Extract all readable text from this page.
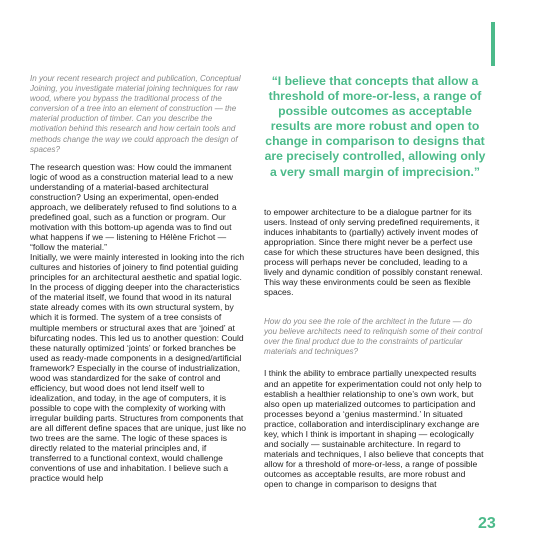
In your recent research project and publication, Conceptual Joining, you investigate material joining techniques for raw wood, where you bypass the traditional process of the conversion of a tree into an element of construction — the material production of timber. Can you describe the motivation behind this research and how certain tools and methods change the way we could approach the design of spaces?

The research question was: How could the immanent logic of wood as a construction material lead to a new understanding of a material-based architectural construction? Using an experimental, open-ended approach, we deliberately refused to find solutions to a predefined goal, such as a function or program. Our motivation with this bottom-up agenda was to find out what happens if we — listening to Hélène Frichot — “follow the material.”

Initially, we were mainly interested in looking into the rich cultures and histories of joinery to find potential guiding principles for an architectural aesthetic and spatial logic. In the process of digging deeper into the characteristics of the material itself, we found that wood in its natural state already comes with its own structural system, by which it is formed. The system of a tree consists of multiple members or structural axes that are ‘joined’ at bifurcating nodes. This led us to another question: Could these naturally optimized ‘joints’ or forked branches be used as ready-made components in a designed/artificial framework? Especially in the course of industrialization, wood was standardized for the sake of control and efficiency, but wood does not lend itself well to idealization, and today, in the age of computers, it is possible to cope with the complexity of working with irregular building parts. Structures from components that are all different define spaces that are unique, just like no two trees are the same. The logic of these spaces is directly related to the material principles and, if transferred to a functional context, would challenge conventions of use and inhabitation. I believe such a practice would help

“I believe that concepts that allow a threshold of more-or-less, a range of possible outcomes as acceptable results are more robust and open to change in comparison to designs that are precisely controlled, allowing only a very small margin of imprecision.”

to empower architecture to be a dialogue partner for its users. Instead of only serving predefined requirements, it induces inhabitants to (partially) actively invent modes of appropriation. Since there might never be a perfect use case for which these structures have been designed, this process will perhaps never be concluded, leading to a lively and dynamic condition of possibly constant renewal. This way these environments could be seen as flexible spaces.

How do you see the role of the architect in the future — do you believe architects need to relinquish some of their control over the final product due to the constraints of particular materials and techniques?

I think the ability to embrace partially unexpected results and an appetite for experimentation could not only help to establish a healthier relationship to one’s own work, but also open up materialized outcomes to participation and processes beyond a ‘genius mastermind.’ In situated practice, collaboration and interdisciplinary exchange are key, which I think is important in shaping — ecologically and socially — sustainable architecture. In regard to materials and techniques, I also believe that concepts that allow for a threshold of more-or-less, a range of possible outcomes as acceptable results, are more robust and open to change in comparison to designs that

23
